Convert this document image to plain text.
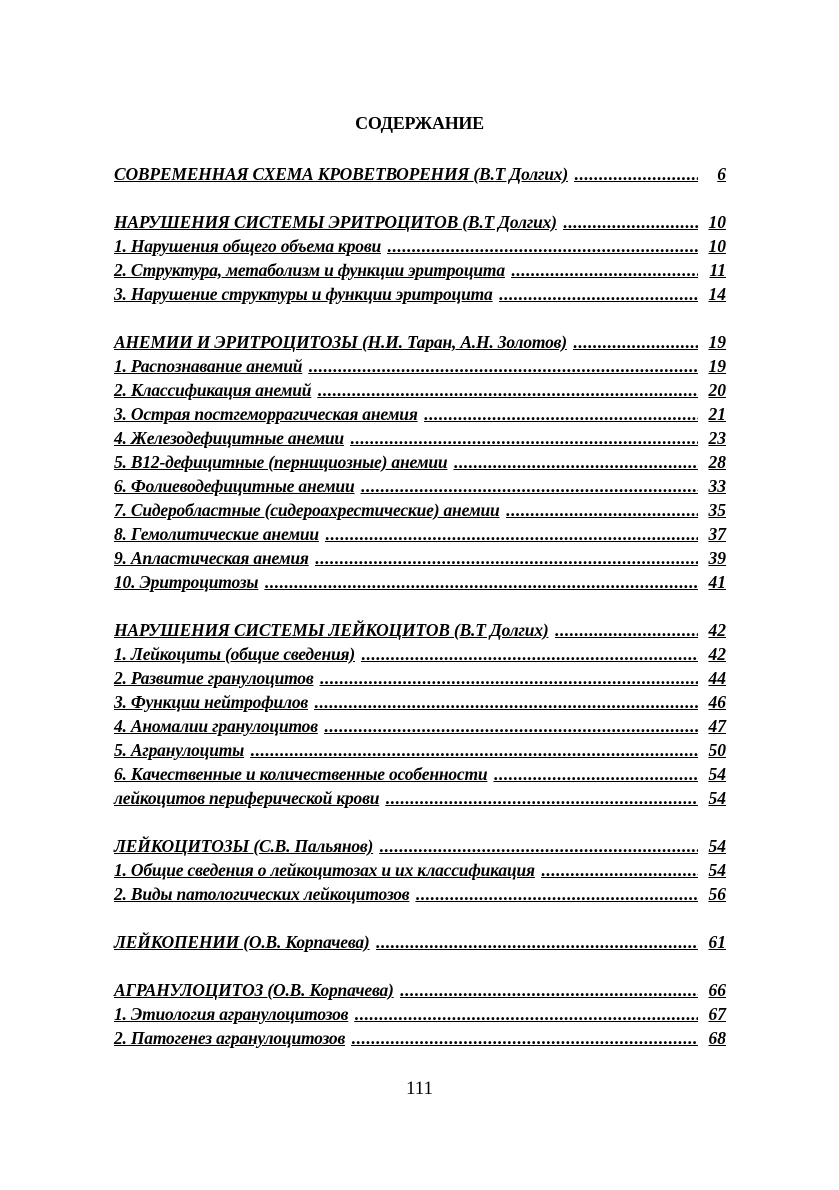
СОДЕРЖАНИЕ
СОВРЕМЕННАЯ СХЕМА КРОВЕТВОРЕНИЯ (В.Т Долгих) .....	6
НАРУШЕНИЯ СИСТЕМЫ ЭРИТРОЦИТОВ (В.Т Долгих) .....	10
1. Нарушения общего объема крови .....	10
2. Структура, метаболизм и функции эритроцита .....	11
3. Нарушение структуры и функции эритроцита .....	14
АНЕМИИ И ЭРИТРОЦИТОЗЫ (Н.И. Таран, А.Н. Золотов) .....	19
1. Распознавание анемий .....	19
2. Классификация анемий .....	20
3. Острая постгеморрагическая анемия .....	21
4. Железодефицитные анемии .....	23
5. В12-дефицитные (пернициозные) анемии .....	28
6. Фолиеводефицитные анемии .....	33
7. Сидеробластные (сидероахрестические) анемии .....	35
8. Гемолитические анемии .....	37
9. Апластическая анемия .....	39
10. Эритроцитозы .....	41
НАРУШЕНИЯ СИСТЕМЫ ЛЕЙКОЦИТОВ (В.Т Долгих) .....	42
1. Лейкоциты (общие сведения) .....	42
2. Развитие гранулоцитов .....	44
3. Функции нейтрофилов .....	46
4. Аномалии гранулоцитов .....	47
5. Агранулоциты .....	50
6. Качественные и количественные особенности .....	54
лейкоцитов периферической крови .....	54
ЛЕЙКОЦИТОЗЫ (С.В. Пальянов) .....	54
1. Общие сведения о лейкоцитозах и их классификация .....	54
2. Виды патологических лейкоцитозов .....	56
ЛЕЙКОПЕНИИ (О.В. Корпачева) .....	61
АГРАНУЛОЦИТОЗ (О.В. Корпачева) .....	66
1. Этиология агранулоцитозов .....	67
2. Патогенез агранулоцитозов .....	68
111
